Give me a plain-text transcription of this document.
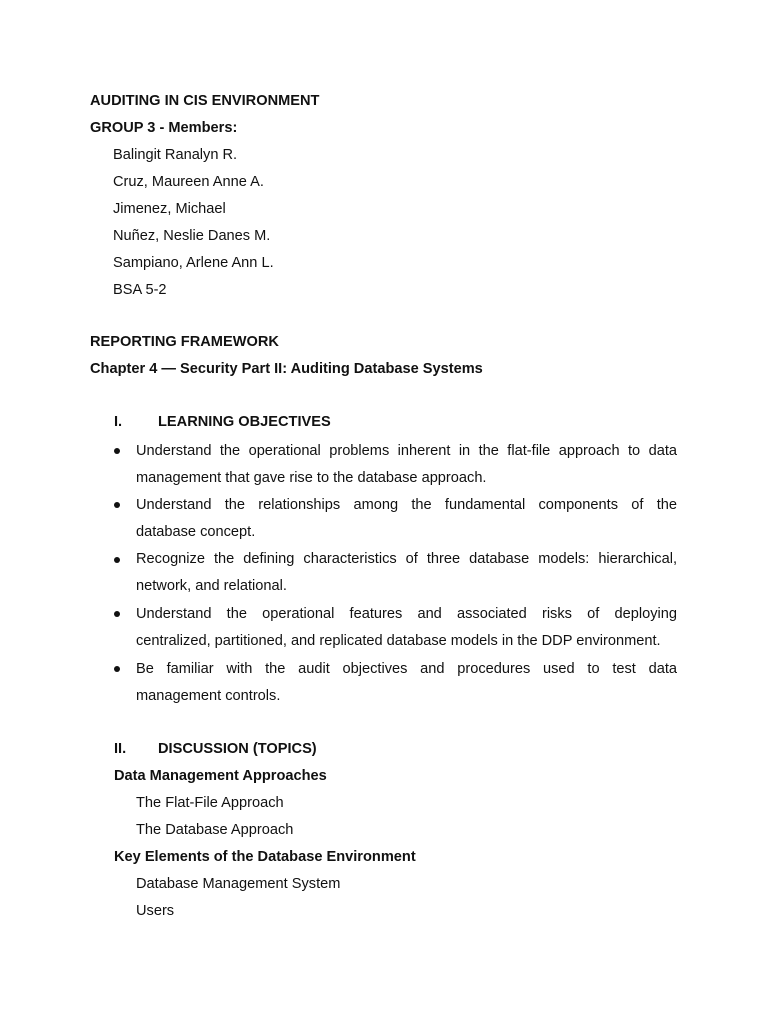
AUDITING IN CIS ENVIRONMENT
GROUP 3 - Members:
Balingit Ranalyn R.
Cruz, Maureen Anne A.
Jimenez, Michael
Nuñez, Neslie Danes M.
Sampiano, Arlene Ann L.
BSA 5-2
REPORTING FRAMEWORK
Chapter 4 — Security Part II: Auditing Database Systems
I. LEARNING OBJECTIVES
Understand the operational problems inherent in the flat-file approach to data
management that gave rise to the database approach.
Understand the relationships among the fundamental components of the
database concept.
Recognize the defining characteristics of three database models: hierarchical,
network, and relational.
Understand the operational features and associated risks of deploying
centralized, partitioned, and replicated database models in the DDP environment.
Be familiar with the audit objectives and procedures used to test data
management controls.
II. DISCUSSION (TOPICS)
Data Management Approaches
The Flat-File Approach
The Database Approach
Key Elements of the Database Environment
Database Management System
Users
